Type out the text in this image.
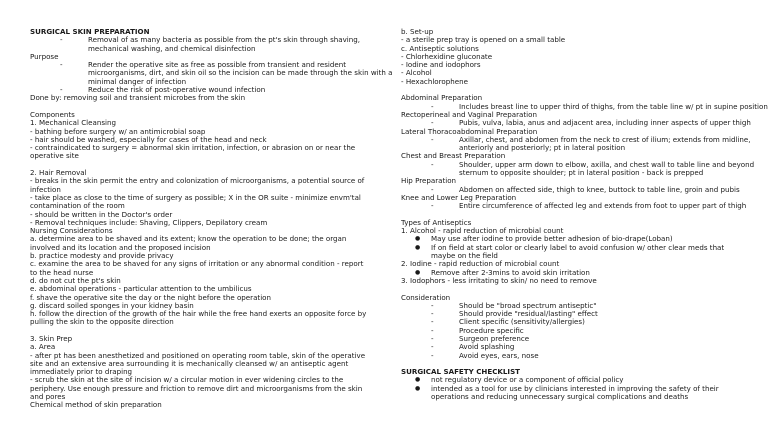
SURGICAL SKIN PREPARATION
-	Removal of as many bacteria as possible from the pt's skin through shaving,
mechanical washing, and chemical disinfection
Purpose
-	Render the operative site as free as possible from transient and resident
microorganisms, dirt, and skin oil so the incision can be made through the skin with a
minimal danger of infection
-	Reduce the risk of post-operative wound infection
Done by: removing soil and transient microbes from the skin
Components
1. Mechanical Cleansing
- bathing before surgery w/ an antimicrobial soap
- hair should be washed, especially for cases of the head and neck
- contraindicated to surgery = abnormal skin irritation, infection, or abrasion on or near the
operative site
2. Hair Removal
- breaks in the skin permit the entry and colonization of microorganisms, a potential source of
infection
- take place as close to the time of surgery as possible; X in the OR suite - minimize envm'tal
contamination of the room
- should be written in the Doctor's order
- Removal techniques include: Shaving, Clippers, Depilatory cream
Nursing Considerations
a. determine area to be shaved and its extent; know the operation to be done; the organ
involved and its location and the proposed incision
b. practice modesty and provide privacy
c. examine the area to be shaved for any signs of irritation or any abnormal condition - report
to the head nurse
d. do not cut the pt's skin
e. abdominal operations - particular attention to the umbilicus
f. shave the operative site the day or the night before the operation
g. discard soiled sponges in your kidney basin
h. follow the direction of the growth of the hair while the free hand exerts an opposite force by
pulling the skin to the opposite direction
3. Skin Prep
a. Area
- after pt has been anesthetized and positioned on operating room table, skin of the operative
site and an extensive area surrounding it is mechanically cleansed w/ an antiseptic agent
immediately prior to draping
- scrub the skin at the site of incision w/ a circular motion in ever widening circles to the
periphery. Use enough pressure and friction to remove dirt and microorganisms from the skin
and pores
Chemical method of skin preparation
b. Set-up
- a sterile prep tray is opened on a small table
c. Antiseptic solutions
- Chlorhexidine gluconate
- Iodine and iodophors
- Alcohol
- Hexachlorophene
Abdominal Preparation
-	Includes breast line to upper third of thighs, from the table line w/ pt in supine position
Rectoperineal and Vaginal Preparation
-	Pubis, vulva, labia, anus and adjacent area, including inner aspects of upper thigh
Lateral Thoracoabdominal Preparation
-	Axillar, chest, and abdomen from the neck to crest of ilium; extends from midline,
anteriorly and posteriorly; pt in lateral position
Chest and Breast Preparation
-	Shoulder, upper arm down to elbow, axilla, and chest wall to table line and beyond
sternum to opposite shoulder; pt in lateral position - back is prepped
Hip Preparation
-	Abdomen on affected side, thigh to knee, buttock to table line, groin and pubis
Knee and Lower Leg Preparation
-	Entire circumference of affected leg and extends from foot to upper part of thigh
Types of Antiseptics
1. Alcohol - rapid reduction of microbial count
●	May use after iodine to provide better adhesion of bio-drape(Loban)
●	If on field at start color or clearly label to avoid confusion w/ other clear meds that
maybe on the field
2. Iodine - rapid reduction of microbial count
●	Remove after 2-3mins to avoid skin irritation
3. Iodophors - less irritating to skin/ no need to remove
Consideration
-	Should be "broad spectrum antiseptic"
-	Should provide "residual/lasting" effect
-	Client specific (sensitivity/allergies)
-	Procedure specific
-	Surgeon preference
-	Avoid splashing
-	Avoid eyes, ears, nose
SURGICAL SAFETY CHECKLIST
●	not regulatory device or a component of official policy
●	intended as a tool for use by clinicians interested in improving the safety of their
operations and reducing unnecessary surgical complications and deaths
